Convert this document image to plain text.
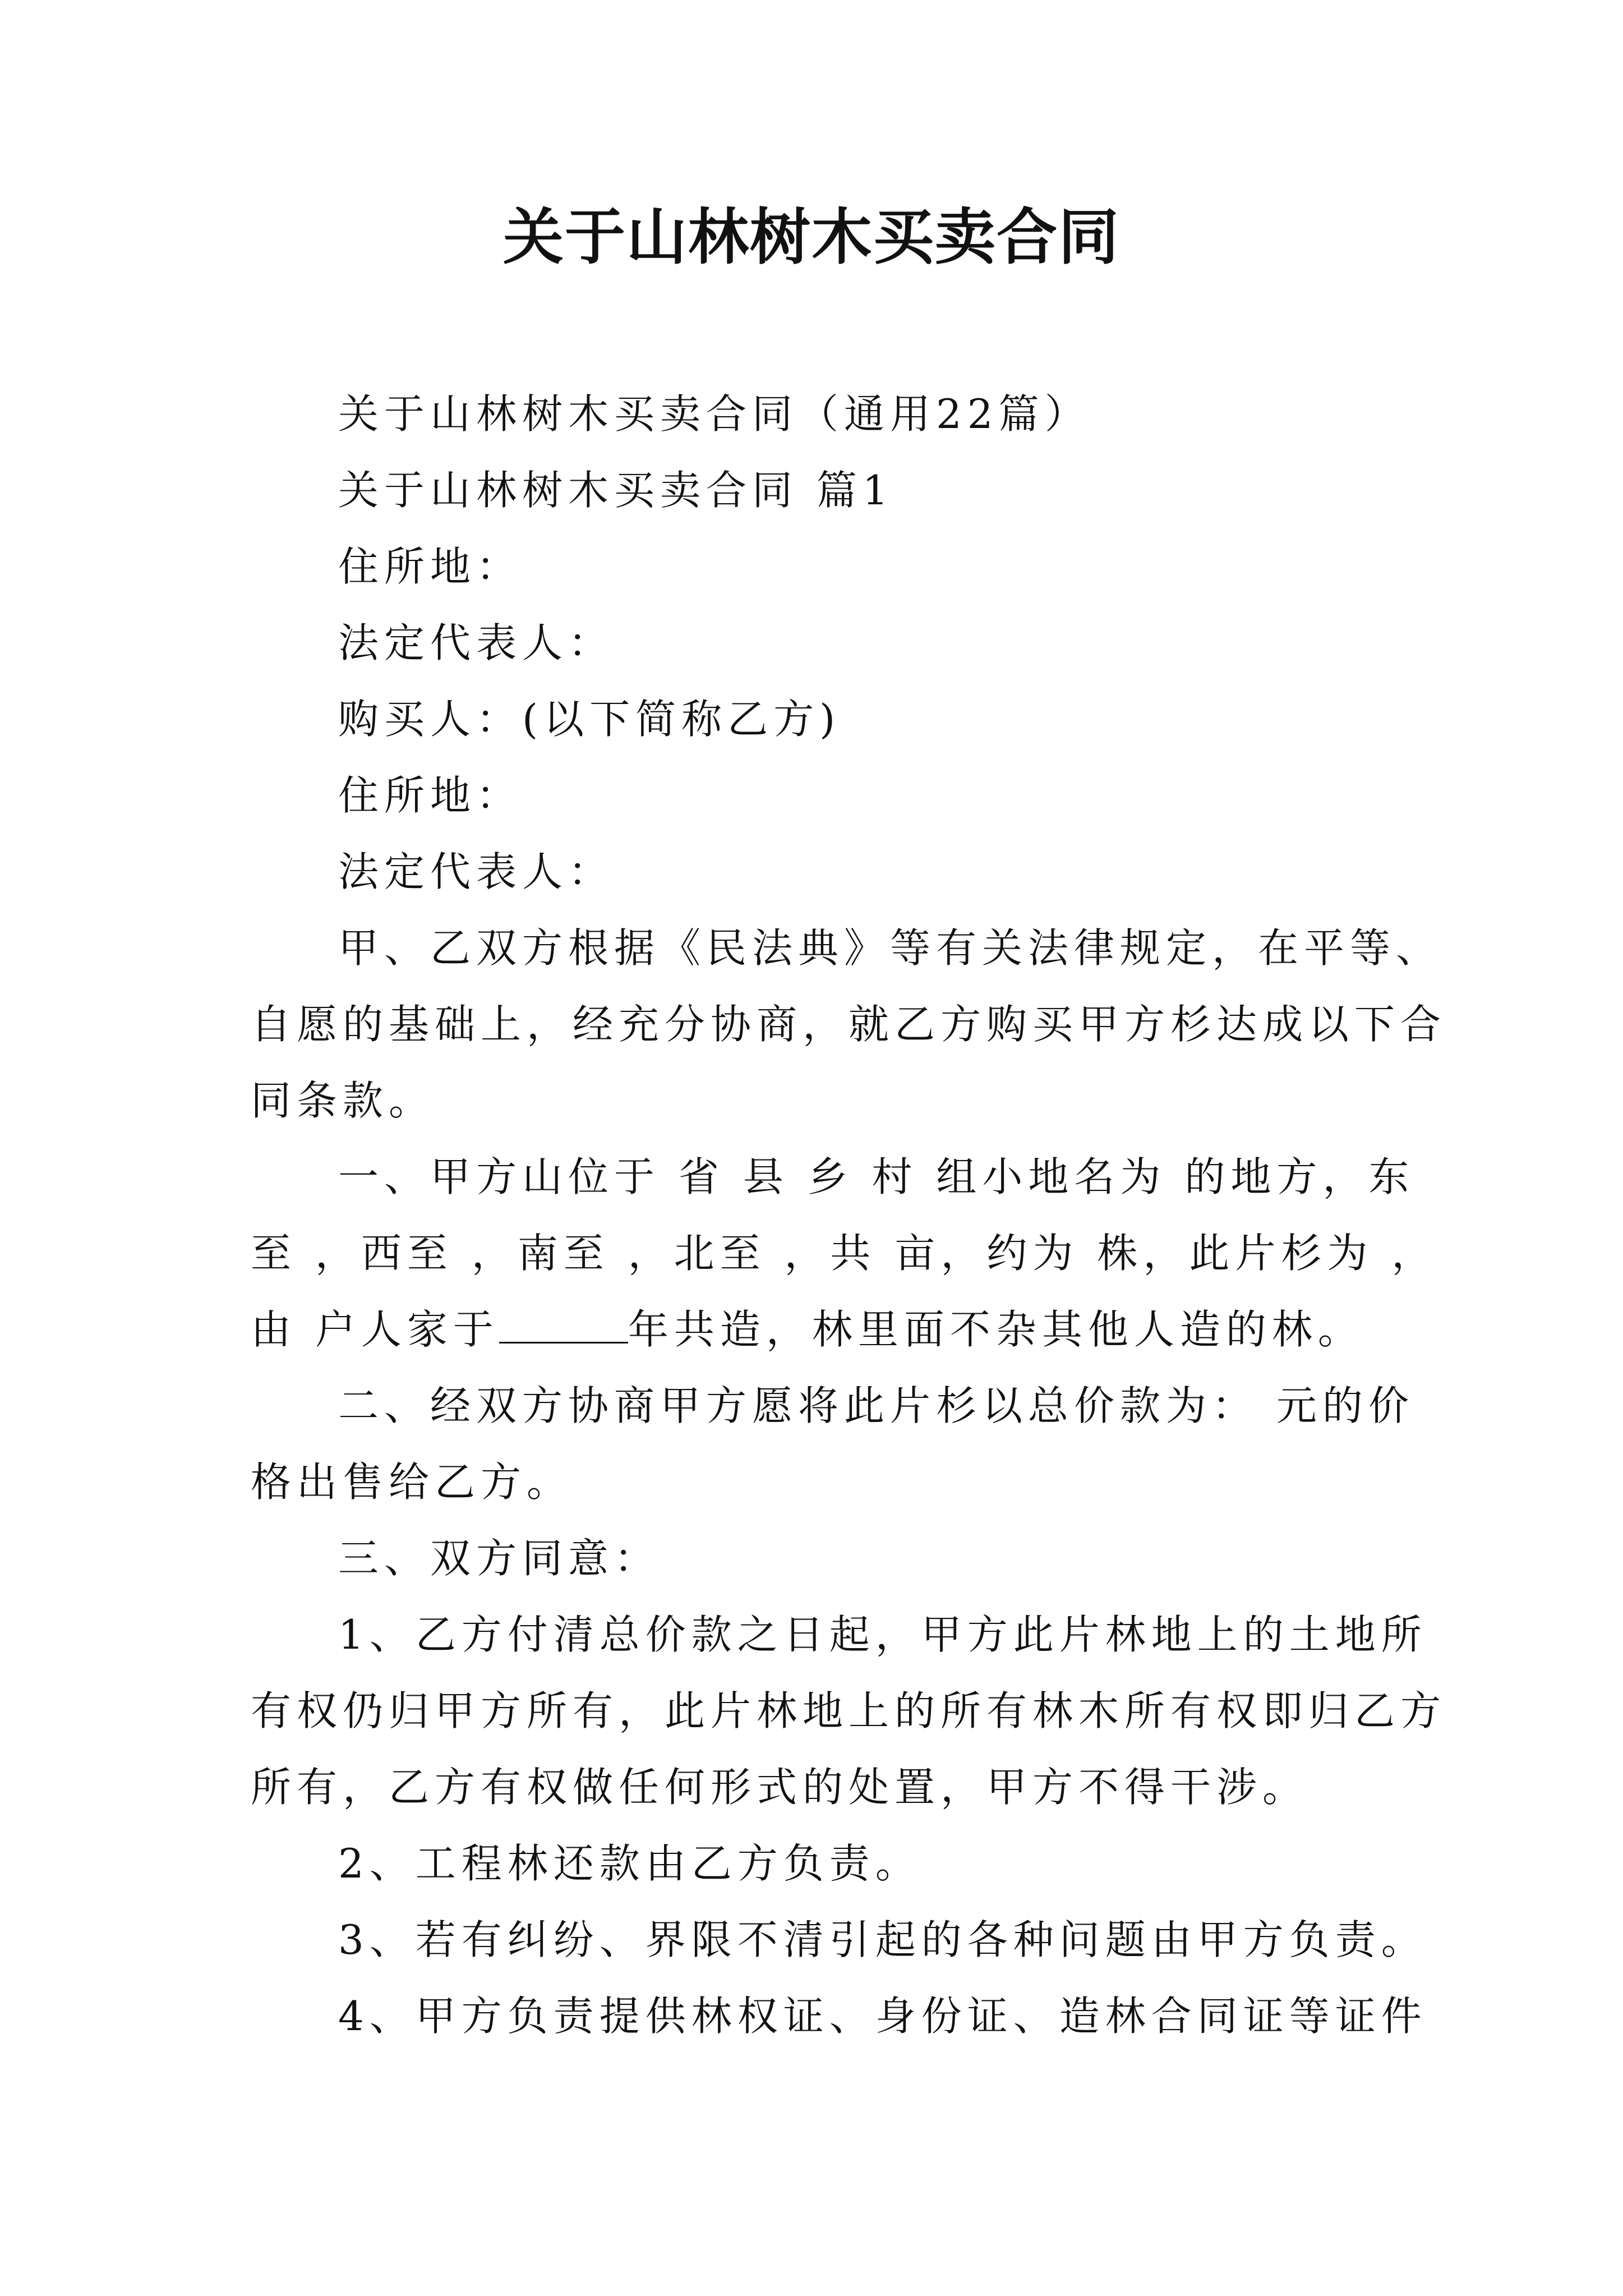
关于山林树木买卖合同

关于山林树木买卖合同（通用22篇）

关于山林树木买卖合同 篇1

住所地：

法定代表人：

购买人：(以下简称乙方)

住所地：

法定代表人：

甲、乙双方根据《民法典》等有关法律规定，在平等、

自愿的基础上，经充分协商，就乙方购买甲方杉达成以下合

同条款。

一、甲方山位于 省 县 乡 村 组小地名为 的地方，东

至 ，西至 ，南至 ，北至 ，共 亩，约为 株，此片杉为 ，

由 户人家于	年共造，林里面不杂其他人造的林。

二、经双方协商甲方愿将此片杉以总价款为： 元的价

格出售给乙方。

三、双方同意：

1、乙方付清总价款之日起，甲方此片林地上的土地所

有权仍归甲方所有，此片林地上的所有林木所有权即归乙方

所有，乙方有权做任何形式的处置，甲方不得干涉。

2、工程林还款由乙方负责。

3、若有纠纷、界限不清引起的各种问题由甲方负责。

4、甲方负责提供林权证、身份证、造林合同证等证件
